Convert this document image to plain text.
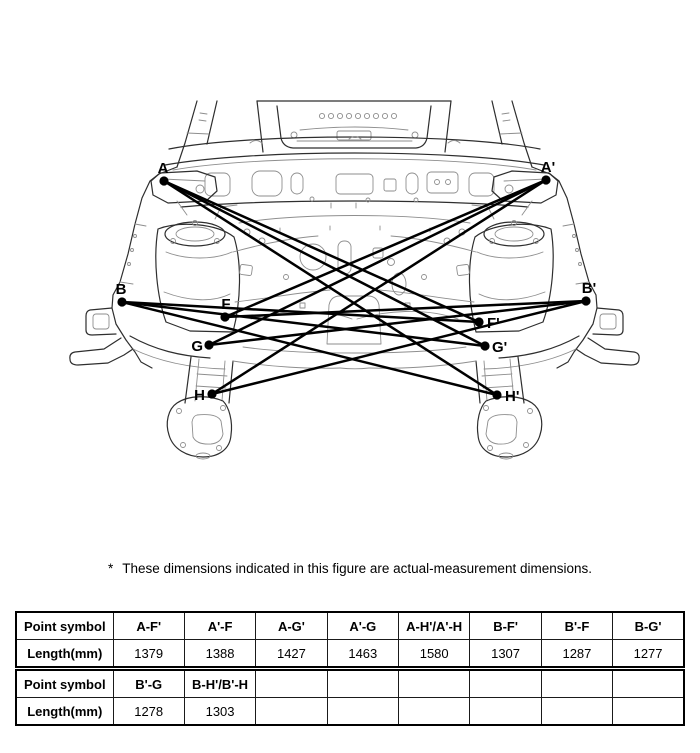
A	A'
B	B'
F
F'
G	G'
H	H'
* These dimensions indicated in this figure are actual-measurement dimensions.
Point symbol	A-F'	A'-F	A-G'	A'-G	A-H'/A'-H	B-F'	B'-F	B-G'
Length(mm)	1379	1388	1427	1463	1580	1307	1287	1277
Point symbol	B'-G	B-H'/B'-H						
Length(mm)	1278	1303						
